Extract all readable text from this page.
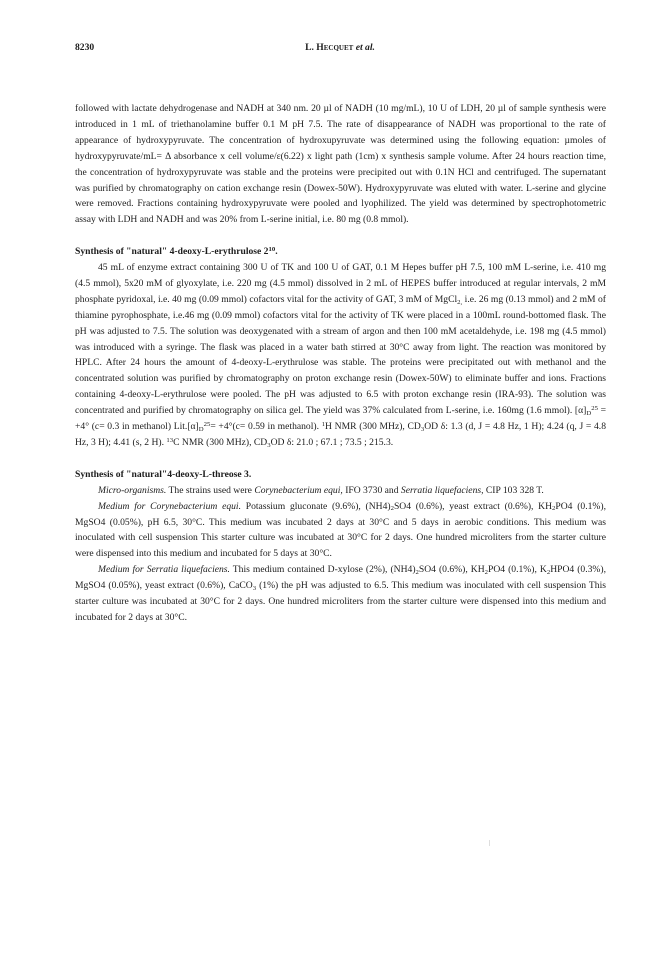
8230	L. Hecquet et al.

followed with lactate dehydrogenase and NADH at 340 nm. 20 µl of NADH (10 mg/mL), 10 U of LDH, 20 µl of sample synthesis were introduced in 1 mL of triethanolamine buffer 0.1 M pH 7.5. The rate of disappearance of NADH was proportional to the rate of appearance of hydroxypyruvate. The concentration of hydroxupyruvate was determined using the following equation: µmoles of hydroxypyruvate/mL= Δ absorbance x cell volume/ε(6.22) x light path (1cm) x synthesis sample volume. After 24 hours reaction time, the concentration of hydroxypyruvate was stable and the proteins were precipited out with 0.1N HCl and centrifuged. The supernatant was purified by chromatography on cation exchange resin (Dowex-50W). Hydroxypyruvate was eluted with water. L-serine and glycine were removed. Fractions containing hydroxypyruvate were pooled and lyophilized. The yield was determined by spectrophotometric assay with LDH and NADH and was 20% from L-serine initial, i.e. 80 mg (0.8 mmol).

Synthesis of "natural" 4-deoxy-L-erythrulose $2^{10}$.

45 mL of enzyme extract containing 300 U of TK and 100 U of GAT, 0.1 M Hepes buffer pH 7.5, 100 mM L-serine, i.e. 410 mg (4.5 mmol), 5x20 mM of glyoxylate, i.e. 220 mg (4.5 mmol) dissolved in 2 mL of HEPES buffer introduced at regular intervals, 2 mM phosphate pyridoxal, i.e. 40 mg (0.09 mmol) cofactors vital for the activity of GAT, 3 mM of MgCl$_{2,}$ i.e. 26 mg (0.13 mmol) and 2 mM of thiamine pyrophosphate, i.e.46 mg (0.09 mmol) cofactors vital for the activity of TK were placed in a 100mL round-bottomed flask. The pH was adjusted to 7.5. The solution was deoxygenated with a stream of argon and then 100 mM acetaldehyde, i.e. 198 mg (4.5 mmol) was introduced with a syringe. The flask was placed in a water bath stirred at 30°C away from light. The reaction was monitored by HPLC. After 24 hours the amount of 4-deoxy-L-erythrulose was stable. The proteins were precipitated out with methanol and the concentrated solution was purified by chromatography on proton exchange resin (Dowex-50W) to eliminate buffer and ions. Fractions containing 4-deoxy-L-erythrulose were pooled. The pH was adjusted to 6.5 with proton exchange resin (IRA-93). The solution was concentrated and purified by chromatography on silica gel. The yield was 37% calculated from L-serine, i.e. 160mg (1.6 mmol). $[\alpha]_D^{25} = +4^\circ$ (c= 0.3 in methanol) $Lit.[\alpha]_D^{25}= +4^\circ(c= 0.59$ in methanol). $^1$H NMR (300 MHz), $CD_3OD$ δ: 1.3 (d, J = 4.8 Hz, 1 H); 4.24 (q, J = 4.8 Hz, 3 H); 4.41 (s, 2 H). $^{13}$C NMR (300 MHz), $CD_3OD$ δ: 21.0 ; 67.1 ; 73.5 ; 215.3.

Synthesis of "natural"4-deoxy-L-threose 3.

Micro-organisms. The strains used were Corynebacterium equi, IFO 3730 and Serratia liquefaciens, CIP 103 328 T.

Medium for Corynebacterium equi. Potassium gluconate (9.6%), $(NH4)_2SO4$ (0.6%), yeast extract (0.6%), $KH_2PO4$ (0.1%), MgSO4 (0.05%), pH 6.5, 30°C. This medium was incubated 2 days at 30°C and 5 days in aerobic conditions. This medium was inoculated with cell suspension This starter culture was incubated at 30°C for 2 days. One hundred microliters from the starter culture were dispensed into this medium and incubated for 5 days at 30°C.

Medium for Serratia liquefaciens. This medium contained D-xylose (2%), $(NH4)_2SO4$ (0.6%), $KH_2PO4$ (0.1%), $K_2HPO4$ (0.3%), MgSO4 (0.05%), yeast extract (0.6%), CaCO$_3$ (1%) the pH was adjusted to 6.5. This medium was inoculated with cell suspension This starter culture was incubated at 30°C for 2 days. One hundred microliters from the starter culture were dispensed into this medium and incubated for 2 days at 30°C.
